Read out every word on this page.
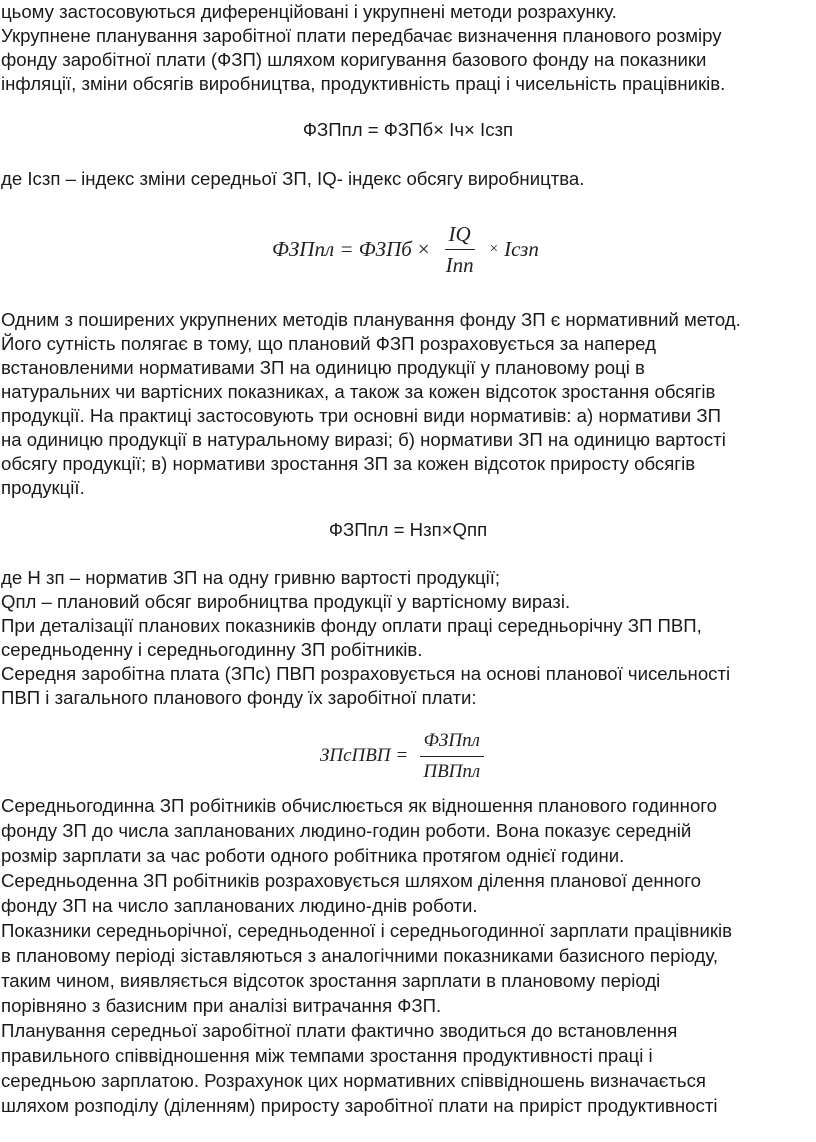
цьому застосовуються диференційовані і укрупнені методи розрахунку.

Укрупнене планування заробітної плати передбачає визначення планового розміру

фонду заробітної плати (ФЗП) шляхом коригування базового фонду на показники

інфляції, зміни обсягів виробництва, продуктивність праці і чисельність працівників.

ФЗПпл = ФЗПб× Іч× Ісзп

де Ісзп – індекс зміни середньої ЗП, IQ- індекс обсягу виробництва.

ФЗПпл = ФЗПб × $\frac{IQ}{\text{Iпп}}$ × Iсзп

Одним з поширених укрупнених методів планування фонду ЗП є нормативний метод.

Його сутність полягає в тому, що плановий ФЗП розраховується за наперед

встановленими нормативами ЗП на одиницю продукції у плановому році в

натуральних чи вартісних показниках, а також за кожен відсоток зростання обсягів

продукції. На практиці застосовують три основні види нормативів: а) нормативи ЗП

на одиницю продукції в натуральному виразі; б) нормативи ЗП на одиницю вартості

обсягу продукції; в) нормативи зростання ЗП за кожен відсоток приросту обсягів

продукції.

ФЗПпл = Нзп×Qпп

де Н зп – норматив ЗП на одну гривню вартості продукції;

Qпл – плановий обсяг виробництва продукції у вартісному виразі.

При деталізації планових показників фонду оплати праці середньорічну ЗП ПВП,

середньоденну і середньогодинну ЗП робітників.

Середня заробітна плата (ЗПс) ПВП розраховується на основі планової чисельності

ПВП і загального планового фонду їх заробітної плати:

ЗПсПВП = $\frac{\text{ФЗПпл}}{\text{ПВПпл}}$

Середньогодинна ЗП робітників обчислюється як відношення планового годинного

фонду ЗП до числа запланованих людино-годин роботи. Вона показує середній

розмір зарплати за час роботи одного робітника протягом однієї години.

Середньоденна ЗП робітників розраховується шляхом ділення планової денного

фонду ЗП на число запланованих людино-днів роботи.

Показники середньорічної, середньоденної і середньогодинної зарплати працівників

в плановому періоді зіставляються з аналогічними показниками базисного періоду,

таким чином, виявляється відсоток зростання зарплати в плановому періоді

порівняно з базисним при аналізі витрачання ФЗП.

Планування середньої заробітної плати фактично зводиться до встановлення

правильного співвідношення між темпами зростання продуктивності праці і

середньою зарплатою. Розрахунок цих нормативних співвідношень визначається

шляхом розподілу (діленням) приросту заробітної плати на приріст продуктивності
